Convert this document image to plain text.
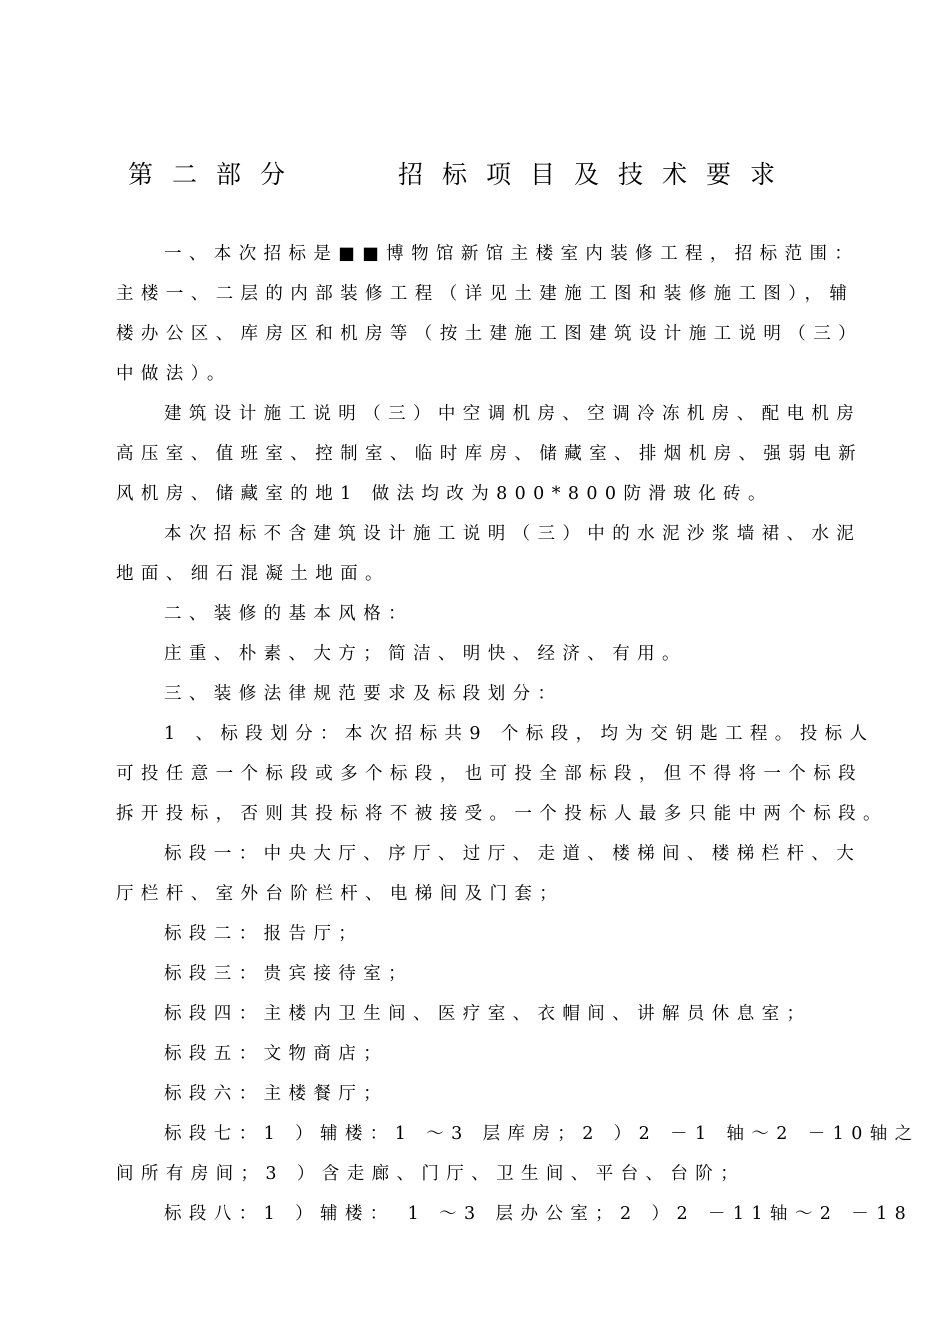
第二部分	招标项目及技术要求
一、本次招标是■■博物馆新馆主楼室内装修工程，招标范围：
主楼一、二层的内部装修工程（详见土建施工图和装修施工图），辅
楼办公区、库房区和机房等（按土建施工图建筑设计施工说明（三）
中做法）。
建筑设计施工说明（三）中空调机房、空调冷冻机房、配电机房
高压室、值班室、控制室、临时库房、储藏室、排烟机房、强弱电新
风机房、储藏室的地1 做法均改为800*800防滑玻化砖。
本次招标不含建筑设计施工说明（三）中的水泥沙浆墙裙、水泥
地面、细石混凝土地面。
二、装修的基本风格：
庄重、朴素、大方；简洁、明快、经济、有用。
三、装修法律规范要求及标段划分：
1 、标段划分：本次招标共9 个标段，均为交钥匙工程。投标人
可投任意一个标段或多个标段，也可投全部标段，但不得将一个标段
拆开投标，否则其投标将不被接受。一个投标人最多只能中两个标段。
标段一：中央大厅、序厅、过厅、走道、楼梯间、楼梯栏杆、大
厅栏杆、室外台阶栏杆、电梯间及门套；
标段二：报告厅；
标段三：贵宾接待室；
标段四：主楼内卫生间、医疗室、衣帽间、讲解员休息室；
标段五：文物商店；
标段六：主楼餐厅；
标段七：1 ）辅楼：1 ～3 层库房；2 ）2 －1 轴～2 －10轴之
间所有房间；3 ）含走廊、门厅、卫生间、平台、台阶；
标段八：1 ）辅楼： 1 ～3 层办公室；2 ）2 －11轴～2 －18
